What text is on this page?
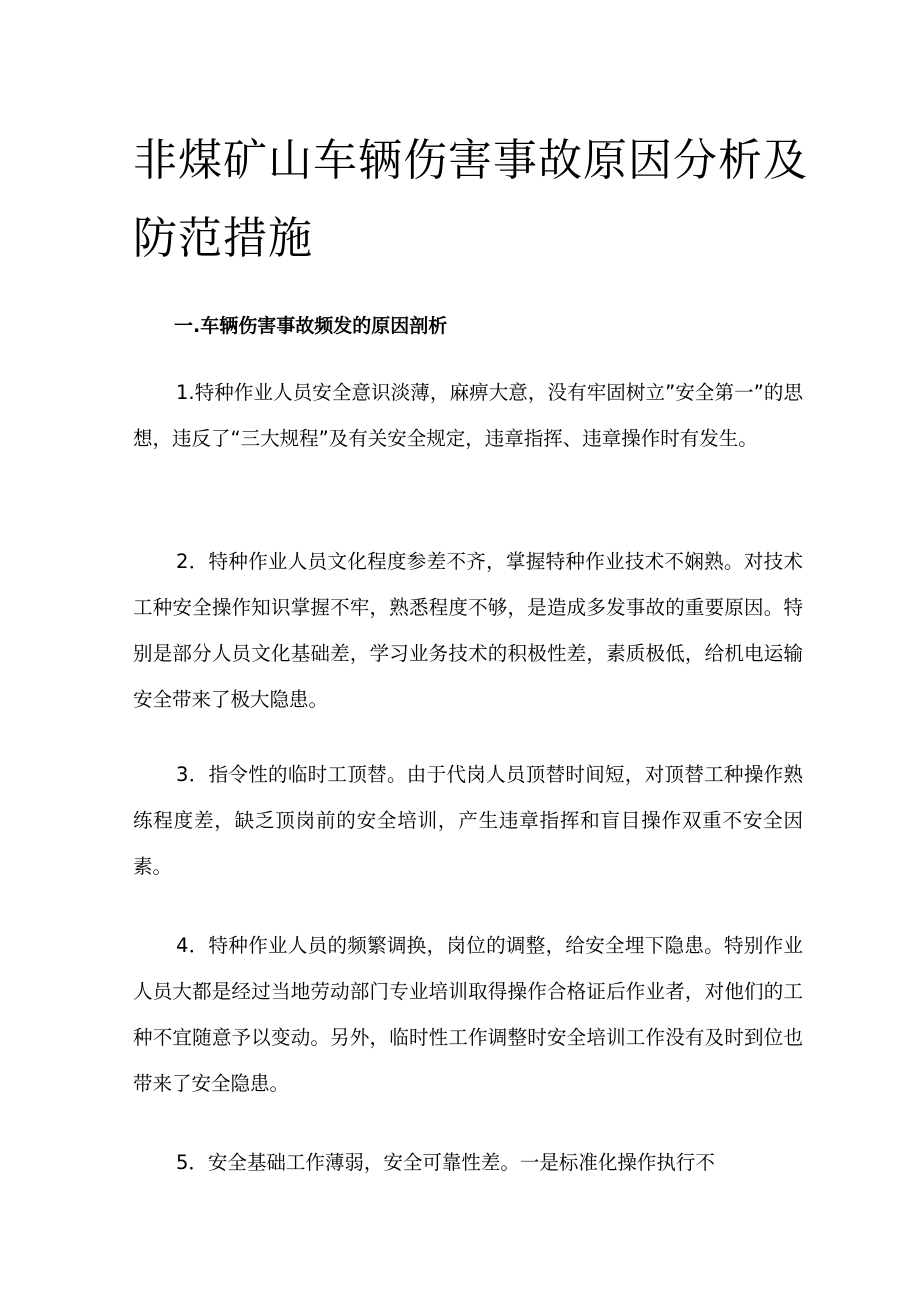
非煤矿山车辆伤害事故原因分析及防范措施
一.车辆伤害事故频发的原因剖析

1.特种作业人员安全意识淡薄，麻痹大意，没有牢固树立”安全第一”的思想，违反了“三大规程”及有关安全规定，违章指挥、违章操作时有发生。

2．特种作业人员文化程度参差不齐，掌握特种作业技术不娴熟。对技术工种安全操作知识掌握不牢，熟悉程度不够，是造成多发事故的重要原因。特别是部分人员文化基础差，学习业务技术的积极性差，素质极低，给机电运输安全带来了极大隐患。

3．指令性的临时工顶替。由于代岗人员顶替时间短，对顶替工种操作熟练程度差，缺乏顶岗前的安全培训，产生违章指挥和盲目操作双重不安全因素。

4．特种作业人员的频繁调换，岗位的调整，给安全埋下隐患。特别作业人员大都是经过当地劳动部门专业培训取得操作合格证后作业者，对他们的工种不宜随意予以变动。另外，临时性工作调整时安全培训工作没有及时到位也带来了安全隐患。

5．安全基础工作薄弱，安全可靠性差。一是标准化操作执行不
